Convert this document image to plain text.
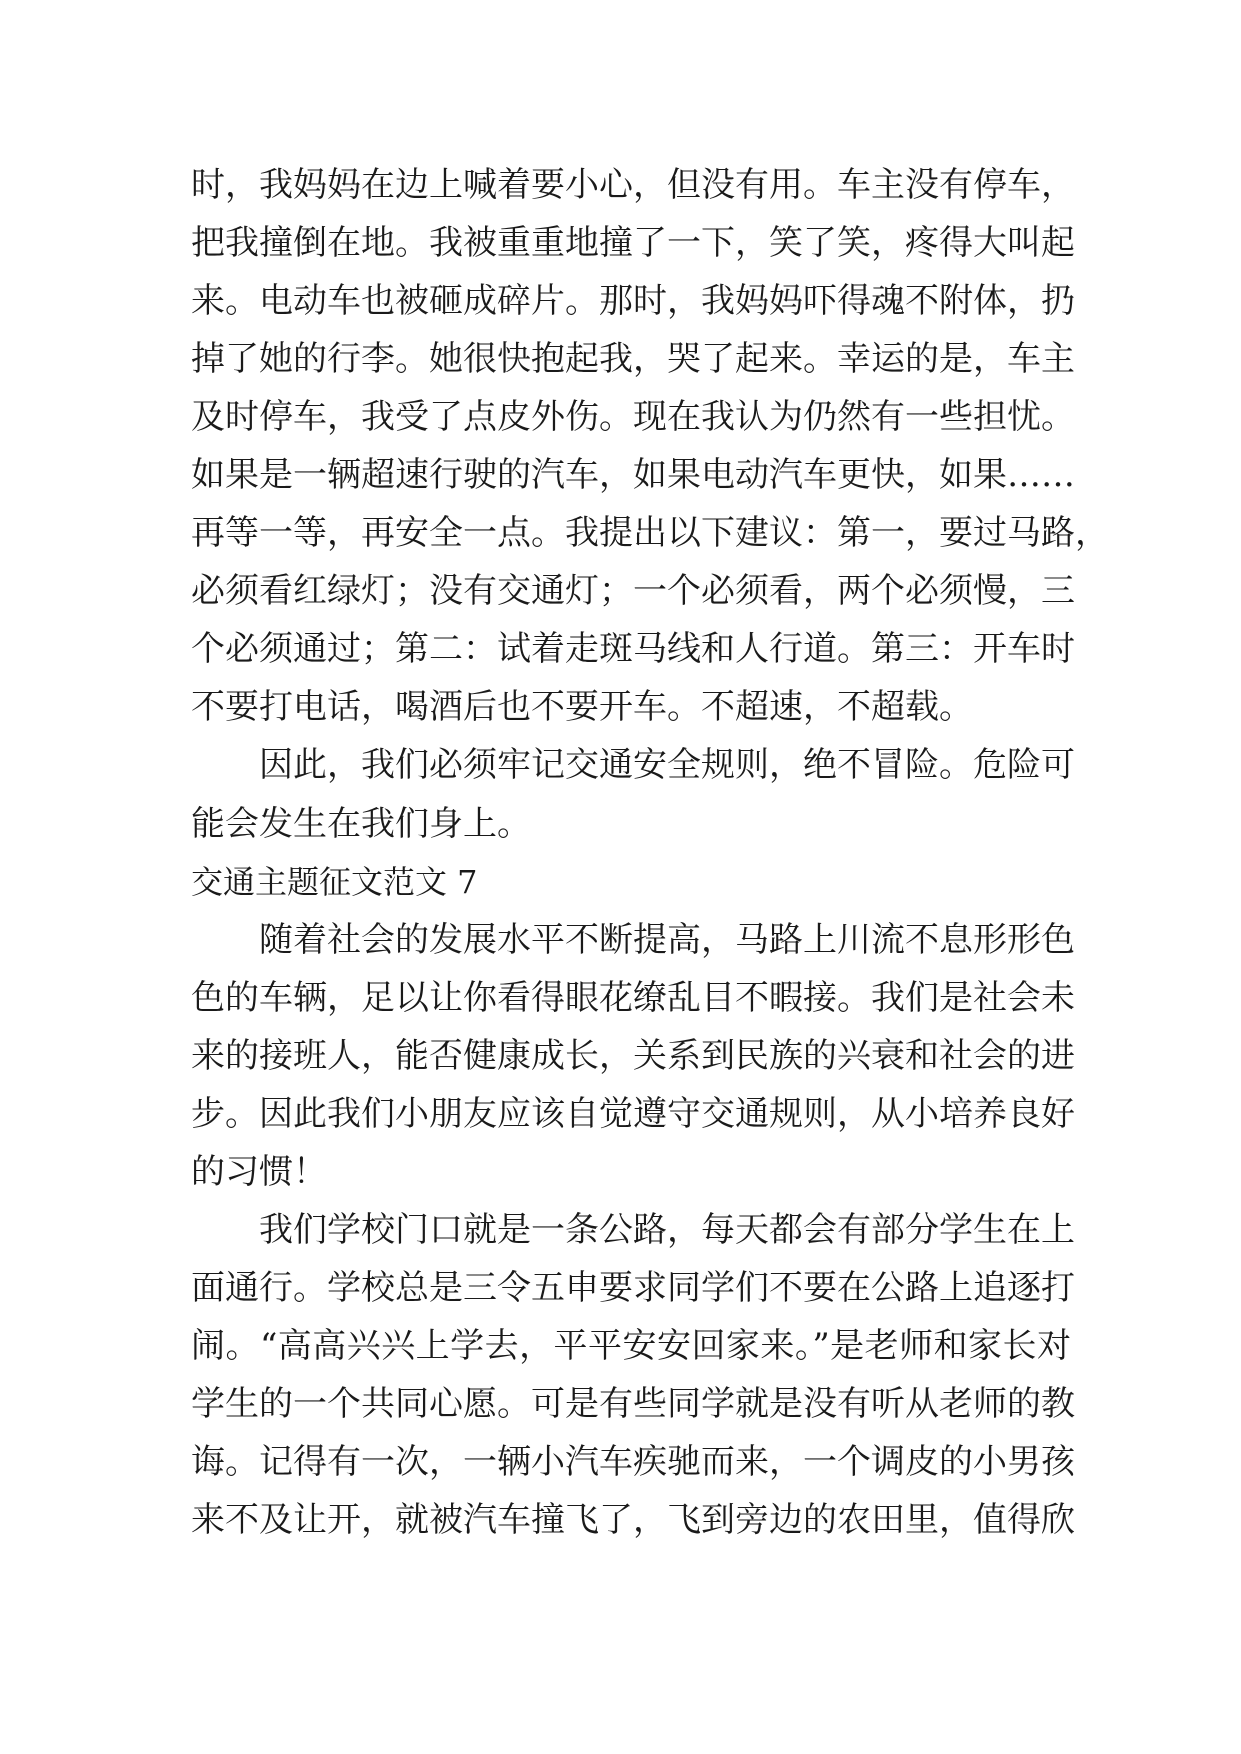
时，我妈妈在边上喊着要小心，但没有用。车主没有停车，
把我撞倒在地。我被重重地撞了一下，笑了笑，疼得大叫起
来。电动车也被砸成碎片。那时，我妈妈吓得魂不附体，扔
掉了她的行李。她很快抱起我，哭了起来。幸运的是，车主
及时停车，我受了点皮外伤。现在我认为仍然有一些担忧。
如果是一辆超速行驶的汽车，如果电动汽车更快，如果……
再等一等，再安全一点。我提出以下建议：第一，要过马路，
必须看红绿灯；没有交通灯；一个必须看，两个必须慢，三
个必须通过；第二：试着走斑马线和人行道。第三：开车时
不要打电话，喝酒后也不要开车。不超速，不超载。
因此，我们必须牢记交通安全规则，绝不冒险。危险可
能会发生在我们身上。
交通主题征文范文 7
随着社会的发展水平不断提高，马路上川流不息形形色
色的车辆，足以让你看得眼花缭乱目不暇接。我们是社会未
来的接班人，能否健康成长，关系到民族的兴衰和社会的进
步。因此我们小朋友应该自觉遵守交通规则，从小培养良好
的习惯！
我们学校门口就是一条公路，每天都会有部分学生在上
面通行。学校总是三令五申要求同学们不要在公路上追逐打
闹。“高高兴兴上学去，平平安安回家来。”是老师和家长对
学生的一个共同心愿。可是有些同学就是没有听从老师的教
诲。记得有一次，一辆小汽车疾驰而来，一个调皮的小男孩
来不及让开，就被汽车撞飞了，飞到旁边的农田里，值得欣
